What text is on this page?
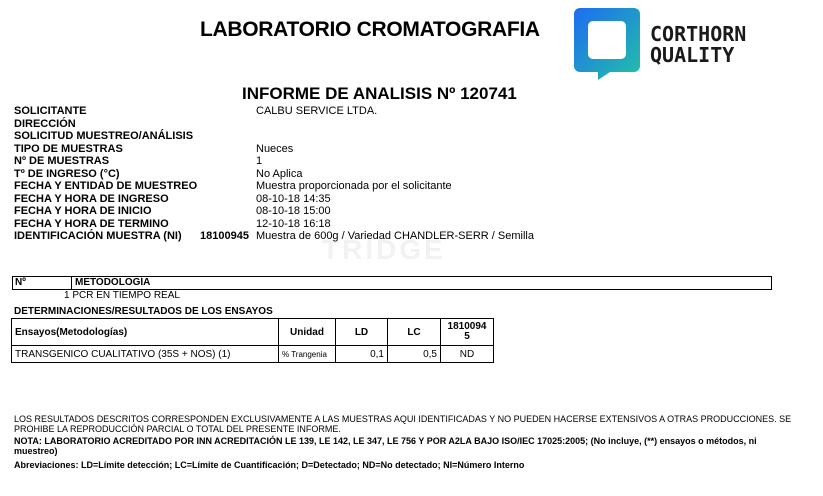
LABORATORIO CROMATOGRAFIA	CORTHORN
QUALITY
INFORME DE ANALISIS Nº 120741
TRIDGE
SOLICITANTE	CALBU SERVICE LTDA.
DIRECCIÓN
SOLICITUD MUESTREO/ANÁLISIS
TIPO DE MUESTRAS	Nueces
Nº DE MUESTRAS	1
Tº DE INGRESO (°C)	No Aplica
FECHA Y ENTIDAD DE MUESTREO	Muestra proporcionada por el solicitante
FECHA Y HORA DE INGRESO	08-10-18 14:35
FECHA Y HORA DE INICIO	08-10-18 15:00
FECHA Y HORA DE TERMINO	12-10-18 16:18
IDENTIFICACIÓN MUESTRA (NI) 18100945 Muestra de 600g / Variedad CHANDLER-SERR / Semilla
Nº	METODOLOGÍA
1 PCR EN TIEMPO REAL
DETERMINACIONES/RESULTADOS DE LOS ENSAYOS
Ensayos(Metodologías)	Unidad	LD	LC	1810094
5

TRANSGENICO CUALITATIVO (35S + NOS) (1)	% Trangenia	0,1	0,5	ND
LOS RESULTADOS DESCRITOS CORRESPONDEN EXCLUSIVAMENTE A LAS MUESTRAS AQUI IDENTIFICADAS Y NO PUEDEN HACERSE EXTENSIVOS A OTRAS PRODUCCIONES. SE PROHIBE LA REPRODUCCIÓN PARCIAL O TOTAL DEL PRESENTE INFORME.
NOTA: LABORATORIO ACREDITADO POR INN ACREDITACIÓN LE 139, LE 142, LE 347, LE 756 Y POR A2LA BAJO ISO/IEC 17025:2005; (No incluye, (**) ensayos o métodos, ni muestreo)
Abreviaciones: LD=Límite detección; LC=Límite de Cuantificación; D=Detectado; ND=No detectado; NI=Número Interno
